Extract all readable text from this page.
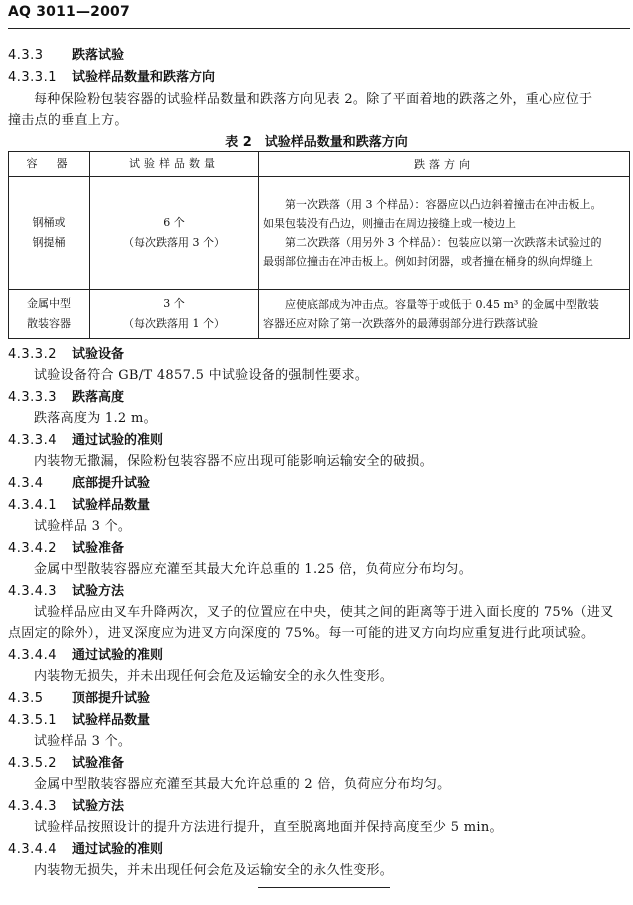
AQ 3011—2007
4.3.3 跌落试验
4.3.3.1 试验样品数量和跌落方向
每种保险粉包装容器的试验样品数量和跌落方向见表 2。除了平面着地的跌落之外，重心应位于
撞击点的垂直上方。
表 2　试验样品数量和跌落方向
容　器	试验样品数量	跌落方向

钢桶或
钢提桶	6 个
（每次跌落用 3 个）	第一次跌落（用 3 个样品）：容器应以凸边斜着撞击在冲击板上。
如果包装没有凸边，则撞击在周边接缝上或一棱边上
第二次跌落（用另外 3 个样品）：包装应以第一次跌落未试验过的
最弱部位撞击在冲击板上。例如封闭器，或者撞在桶身的纵向焊缝上

金属中型
散装容器	3 个
（每次跌落用 1 个）	应使底部成为冲击点。容量等于或低于 0.45 m³ 的金属中型散装
容器还应对除了第一次跌落外的最薄弱部分进行跌落试验
4.3.3.2 试验设备
试验设备符合 GB/T 4857.5 中试验设备的强制性要求。
4.3.3.3 跌落高度
跌落高度为 1.2 m。
4.3.3.4 通过试验的准则
内装物无撒漏，保险粉包装容器不应出现可能影响运输安全的破损。
4.3.4 底部提升试验
4.3.4.1 试验样品数量
试验样品 3 个。
4.3.4.2 试验准备
金属中型散装容器应充灌至其最大允许总重的 1.25 倍，负荷应分布均匀。
4.3.4.3 试验方法
试验样品应由叉车升降两次，叉子的位置应在中央，使其之间的距离等于进入面长度的 75%（进叉
点固定的除外），进叉深度应为进叉方向深度的 75%。每一可能的进叉方向均应重复进行此项试验。
4.3.4.4 通过试验的准则
内装物无损失，并未出现任何会危及运输安全的永久性变形。
4.3.5 顶部提升试验
4.3.5.1 试验样品数量
试验样品 3 个。
4.3.5.2 试验准备
金属中型散装容器应充灌至其最大允许总重的 2 倍，负荷应分布均匀。
4.3.4.3 试验方法
试验样品按照设计的提升方法进行提升，直至脱离地面并保持高度至少 5 min。
4.3.4.4 通过试验的准则
内装物无损失，并未出现任何会危及运输安全的永久性变形。
